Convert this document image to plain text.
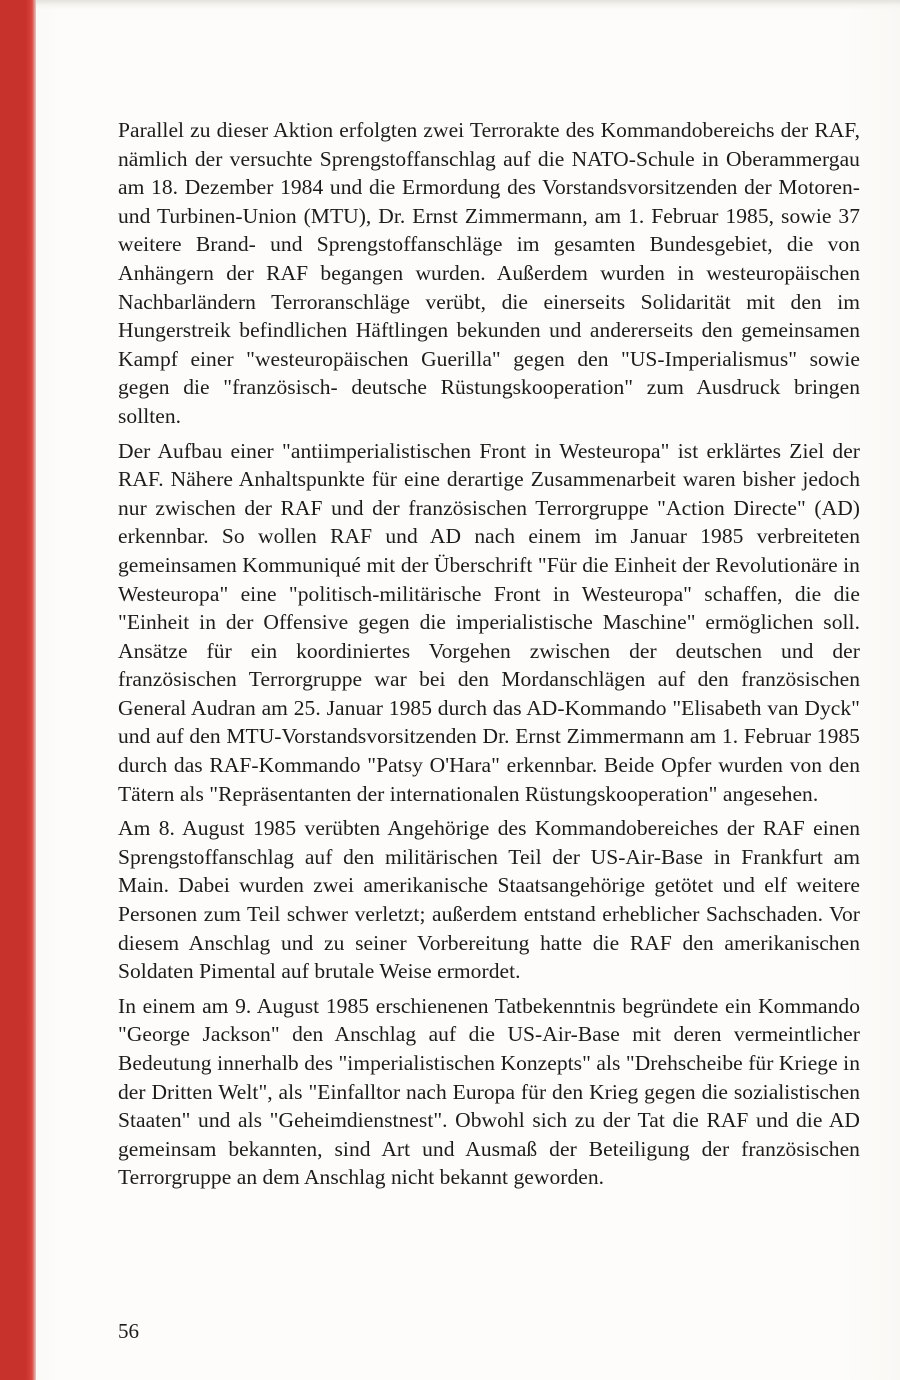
Parallel zu dieser Aktion erfolgten zwei Terrorakte des Kommandobereichs der RAF, nämlich der versuchte Sprengstoffanschlag auf die NATO-Schule in Oberammergau am 18. Dezember 1984 und die Ermordung des Vorstandsvorsitzenden der Motoren- und Turbinen-Union (MTU), Dr. Ernst Zimmermann, am 1. Februar 1985, sowie 37 weitere Brand- und Sprengstoffanschläge im gesamten Bundesgebiet, die von Anhängern der RAF begangen wurden. Außerdem wurden in westeuropäischen Nachbarländern Terroranschläge verübt, die einerseits Solidarität mit den im Hungerstreik befindlichen Häftlingen bekunden und andererseits den gemeinsamen Kampf einer "westeuropäischen Guerilla" gegen den "US-Imperialismus" sowie gegen die "französisch- deutsche Rüstungskooperation" zum Ausdruck bringen sollten.

Der Aufbau einer "antiimperialistischen Front in Westeuropa" ist erklärtes Ziel der RAF. Nähere Anhaltspunkte für eine derartige Zusammenarbeit waren bisher jedoch nur zwischen der RAF und der französischen Terrorgruppe "Action Directe" (AD) erkennbar. So wollen RAF und AD nach einem im Januar 1985 verbreiteten gemeinsamen Kommuniqué mit der Überschrift "Für die Einheit der Revolutionäre in Westeuropa" eine "politisch-militärische Front in Westeuropa" schaffen, die die "Einheit in der Offensive gegen die imperialistische Maschine" ermöglichen soll. Ansätze für ein koordiniertes Vorgehen zwischen der deutschen und der französischen Terrorgruppe war bei den Mordanschlägen auf den französischen General Audran am 25. Januar 1985 durch das AD-Kommando "Elisabeth van Dyck" und auf den MTU-Vorstandsvorsitzenden Dr. Ernst Zimmermann am 1. Februar 1985 durch das RAF-Kommando "Patsy O'Hara" erkennbar. Beide Opfer wurden von den Tätern als "Repräsentanten der internationalen Rüstungskooperation" angesehen.

Am 8. August 1985 verübten Angehörige des Kommandobereiches der RAF einen Sprengstoffanschlag auf den militärischen Teil der US-Air-Base in Frankfurt am Main. Dabei wurden zwei amerikanische Staatsangehörige getötet und elf weitere Personen zum Teil schwer verletzt; außerdem entstand erheblicher Sachschaden. Vor diesem Anschlag und zu seiner Vorbereitung hatte die RAF den amerikanischen Soldaten Pimental auf brutale Weise ermordet.

In einem am 9. August 1985 erschienenen Tatbekenntnis begründete ein Kommando "George Jackson" den Anschlag auf die US-Air-Base mit deren vermeintlicher Bedeutung innerhalb des "imperialistischen Konzepts" als "Drehscheibe für Kriege in der Dritten Welt", als "Einfalltor nach Europa für den Krieg gegen die sozialistischen Staaten" und als "Geheimdienstnest". Obwohl sich zu der Tat die RAF und die AD gemeinsam bekannten, sind Art und Ausmaß der Beteiligung der französischen Terrorgruppe an dem Anschlag nicht bekannt geworden.

56
